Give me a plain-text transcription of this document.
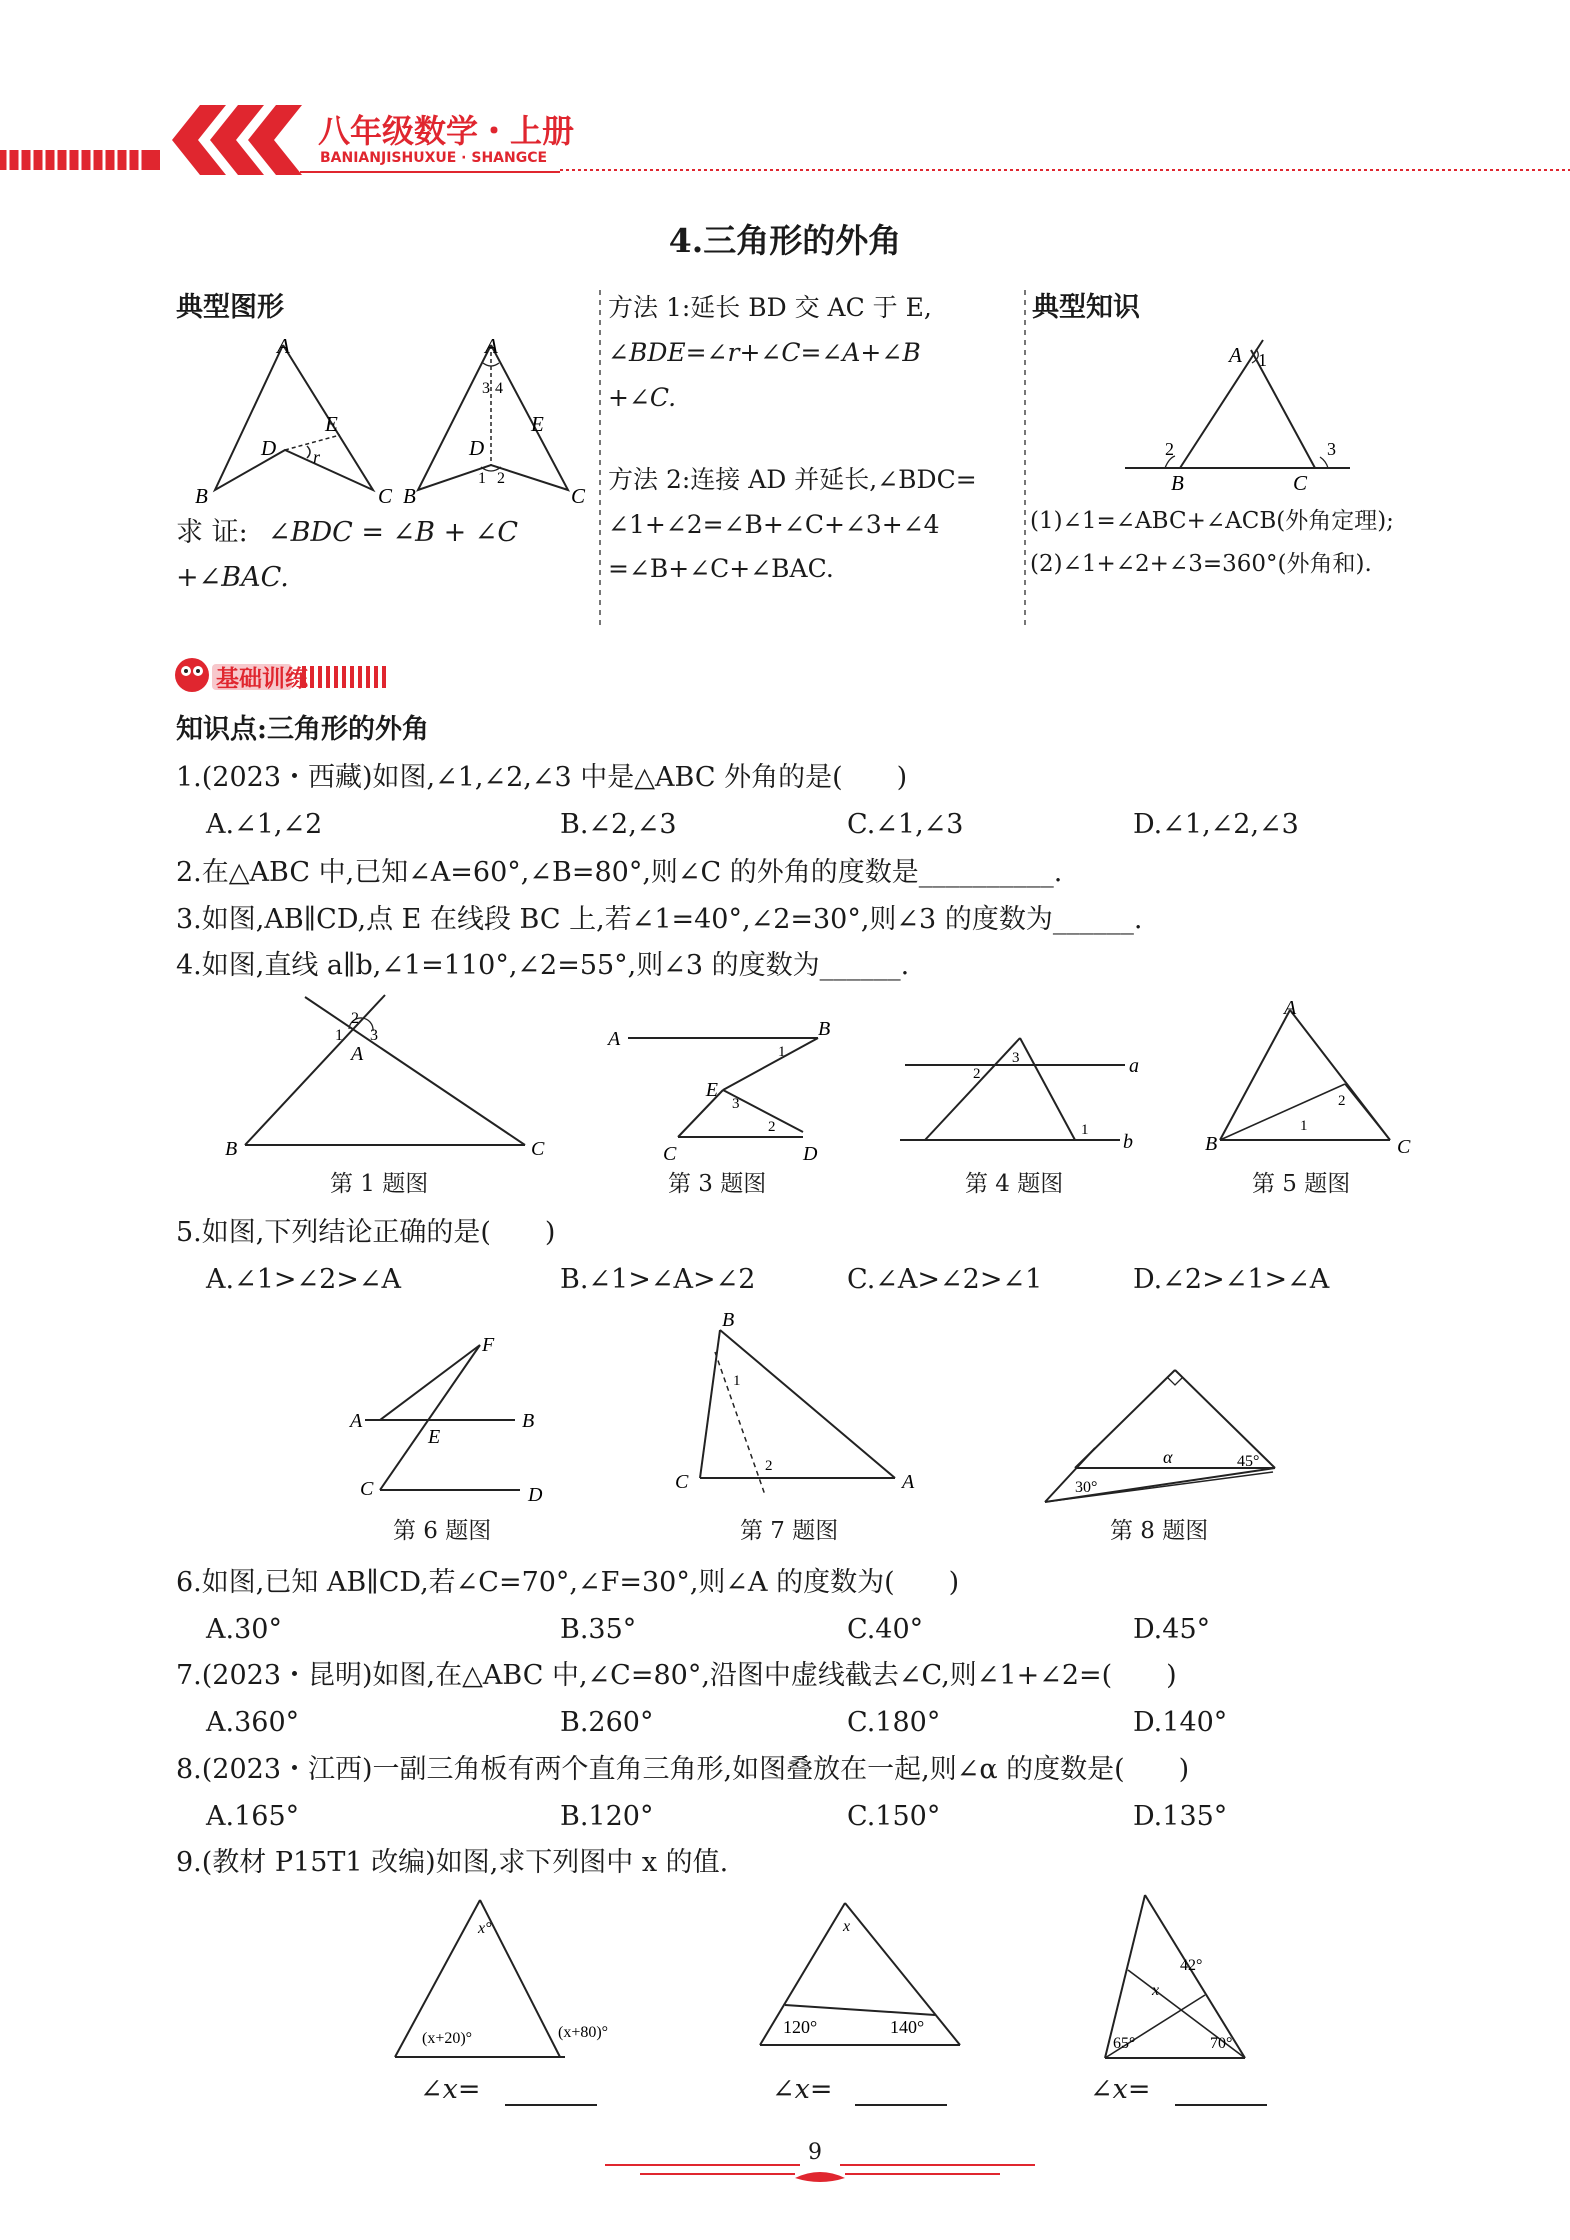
八年级数学・上册
BANIANJISHUXUE · SHANGCE
4.三角形的外角
典型图形
A
B	C
D
E
r
A
B	C
D
E
3 4
1 2
求 证: ∠BDC = ∠B + ∠C
+∠BAC.
方法 1:延长 BD 交 AC 于 E,
∠BDE=∠r+∠C=∠A+∠B
+∠C.
方法 2:连接 AD 并延长,∠BDC=
∠1+∠2=∠B+∠C+∠3+∠4
=∠B+∠C+∠BAC.
典型知识
A 1
2	3
B	C
(1)∠1=∠ABC+∠ACB(外角定理);
(2)∠1+∠2+∠3=360°(外角和).
基础训练
知识点:三角形的外角
1.(2023・西藏)如图,∠1,∠2,∠3 中是△ABC 外角的是(　　)
A.∠1,∠2	B.∠2,∠3	C.∠1,∠3	D.∠1,∠2,∠3
2.在△ABC 中,已知∠A=60°,∠B=80°,则∠C 的外角的度数是__________.
3.如图,AB∥CD,点 E 在线段 BC 上,若∠1=40°,∠2=30°,则∠3 的度数为______.
4.如图,直线 a∥b,∠1=110°,∠2=55°,则∠3 的度数为______.
2
1 3
A
B	C
第 1 题图
A	B
1
E
3
2
C	D
第 3 题图
a
b
2
3
1
第 4 题图
A
B	C
1
2
第 5 题图
5.如图,下列结论正确的是(　　)
A.∠1>∠2>∠A	B.∠1>∠A>∠2	C.∠A>∠2>∠1	D.∠2>∠1>∠A
F
A	B
E
C	D
第 6 题图
B
1
2
C	A
第 7 题图
30°
α	45°
第 8 题图
6.如图,已知 AB∥CD,若∠C=70°,∠F=30°,则∠A 的度数为(　　)
A.30°	B.35°	C.40°	D.45°
7.(2023・昆明)如图,在△ABC 中,∠C=80°,沿图中虚线截去∠C,则∠1+∠2=(　　)
A.360°	B.260°	C.180°	D.140°
8.(2023・江西)一副三角板有两个直角三角形,如图叠放在一起,则∠α 的度数是(　　)
A.165°	B.120°	C.150°	D.135°
9.(教材 P15T1 改编)如图,求下列图中 x 的值.
x°
(x+20)°	(x+80)°
∠x=
x
120°	140°
∠x=
42°
x
65°	70°
∠x=
9
